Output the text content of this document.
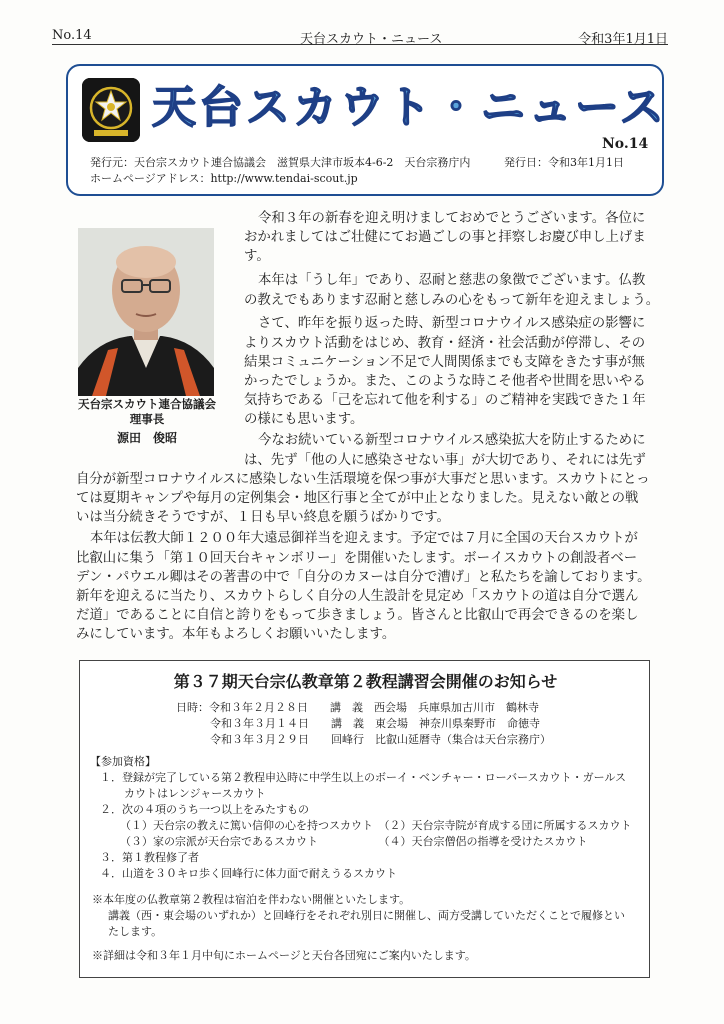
No.14	天台スカウト・ニュース	令和3年1月1日
天台スカウト・ニュース
No.14
発行元：天台宗スカウト連合協議会　滋賀県大津市坂本4-6-2　天台宗務庁内	発行日：令和3年1月1日
ホームページアドレス：http://www.tendai-scout.jp
天台宗スカウト連合協議会
理事長
源田　俊昭
令和３年の新春を迎え明けましておめでとうございます。各位に
おかれましてはご壮健にてお過ごしの事と拝察しお慶び申し上げま
す。
本年は「うし年」であり、忍耐と慈悲の象徴でございます。仏教
の教えでもあります忍耐と慈しみの心をもって新年を迎えましょう。
さて、昨年を振り返った時、新型コロナウイルス感染症の影響に
よりスカウト活動をはじめ、教育・経済・社会活動が停滞し、その
結果コミュニケーション不足で人間関係までも支障をきたす事が無
かったでしょうか。また、このような時こそ他者や世間を思いやる
気持ちである「己を忘れて他を利する」のご精神を実践できた１年
の様にも思います。
今なお続いている新型コロナウイルス感染拡大を防止するために
は、先ず「他の人に感染させない事」が大切であり、それには先ず
自分が新型コロナウイルスに感染しない生活環境を保つ事が大事だと思います。スカウトにとっ
ては夏期キャンプや毎月の定例集会・地区行事と全てが中止となりました。見えない敵との戦
いは当分続きそうですが、１日も早い終息を願うばかりです。
本年は伝教大師１２００年大遠忌御祥当を迎えます。予定では７月に全国の天台スカウトが
比叡山に集う「第１０回天台キャンボリー」を開催いたします。ボーイスカウトの創設者ベー
デン・パウエル卿はその著書の中で「自分のカヌーは自分で漕げ」と私たちを諭しております。
新年を迎えるに当たり、スカウトらしく自分の人生設計を見定め「スカウトの道は自分で選ん
だ道」であることに自信と誇りをもって歩きましょう。皆さんと比叡山で再会できるのを楽し
みにしています。本年もよろしくお願いいたします。
第３７期天台宗仏教章第２教程講習会開催のお知らせ
日時：令和３年２月２８日　　講　義　西会場　兵庫県加古川市　鶴林寺
令和３年３月１４日　　講　義　東会場　神奈川県秦野市　命徳寺
令和３年３月２９日　　回峰行　比叡山延暦寺（集合は天台宗務庁）
【参加資格】
１．登録が完了している第２教程申込時に中学生以上のボーイ・ベンチャー・ローバースカウト・ガールス
カウトはレンジャースカウト
２．次の４項のうち一つ以上をみたすもの
（１）天台宗の教えに篤い信仰の心を持つスカウト　（２）天台宗寺院が育成する団に所属するスカウト
（３）家の宗派が天台宗であるスカウト　　　　　　（４）天台宗僧侶の指導を受けたスカウト
３．第１教程修了者
４．山道を３０キロ歩く回峰行に体力面で耐えうるスカウト
※本年度の仏教章第２教程は宿泊を伴わない開催といたします。
講義（西・東会場のいずれか）と回峰行をそれぞれ別日に開催し、両方受講していただくことで履修とい
たします。
※詳細は令和３年１月中旬にホームページと天台各団宛にご案内いたします。
